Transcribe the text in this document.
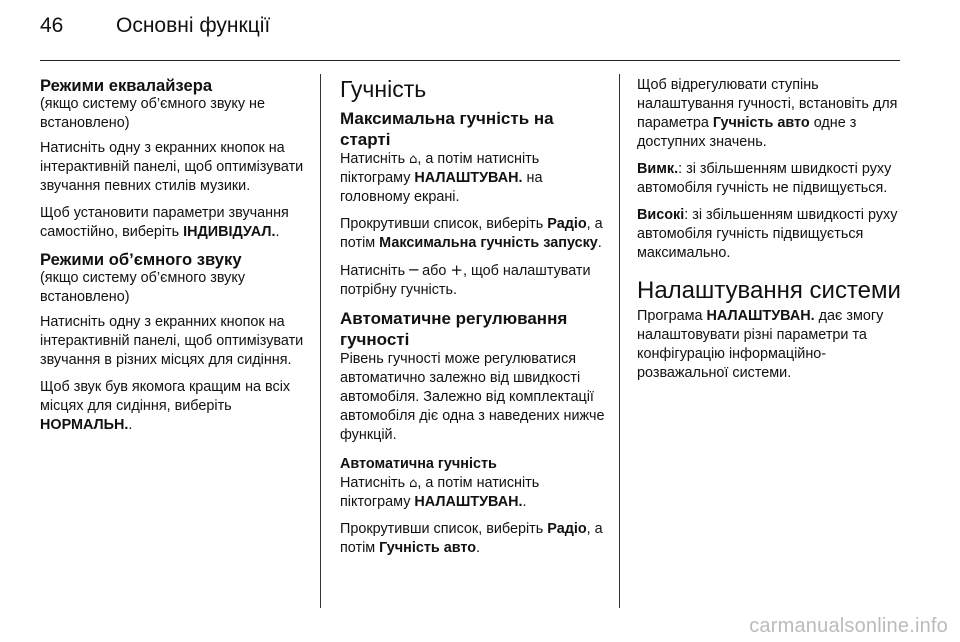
46	Основні функції
Режими еквалайзера

(якщо систему об’ємного звуку не встановлено)

Натисніть одну з екранних кнопок на інтерактивній панелі, щоб оптимізувати звучання певних стилів музики.

Щоб установити параметри звучання самостійно, виберіть ІНДИВІДУАЛ..

Режими об’ємного звуку

(якщо систему об’ємного звуку встановлено)

Натисніть одну з екранних кнопок на інтерактивній панелі, щоб оптимізувати звучання в різних місцях для сидіння.

Щоб звук був якомога кращим на всіх місцях для сидіння, виберіть НОРМАЛЬН..

Гучність
Максимальна гучність на старті

Натисніть ⌂, а потім натисніть піктограму НАЛАШТУВАН. на головному екрані.

Прокрутивши список, виберіть Радіо, а потім Максимальна гучність запуску.

Натисніть ─ або +, щоб налаштувати потрібну гучність.

Автоматичне регулювання гучності

Рівень гучності може регулюватися автоматично залежно від швидкості автомобіля. Залежно від комплектації автомобіля діє одна з наведених нижче функцій.

Автоматична гучність

Натисніть ⌂, а потім натисніть піктограму НАЛАШТУВАН..

Прокрутивши список, виберіть Радіо, а потім Гучність авто.

Щоб відрегулювати ступінь налаштування гучності, встановіть для параметра Гучність авто одне з доступних значень.

Вимк.: зі збільшенням швидкості руху автомобіля гучність не підвищується.

Високі: зі збільшенням швидкості руху автомобіля гучність підвищується максимально.

Налаштування системи

Програма НАЛАШТУВАН. дає змогу налаштовувати різні параметри та конфігурацію інформаційно-розважальної системи.

carmanualsonline.info
